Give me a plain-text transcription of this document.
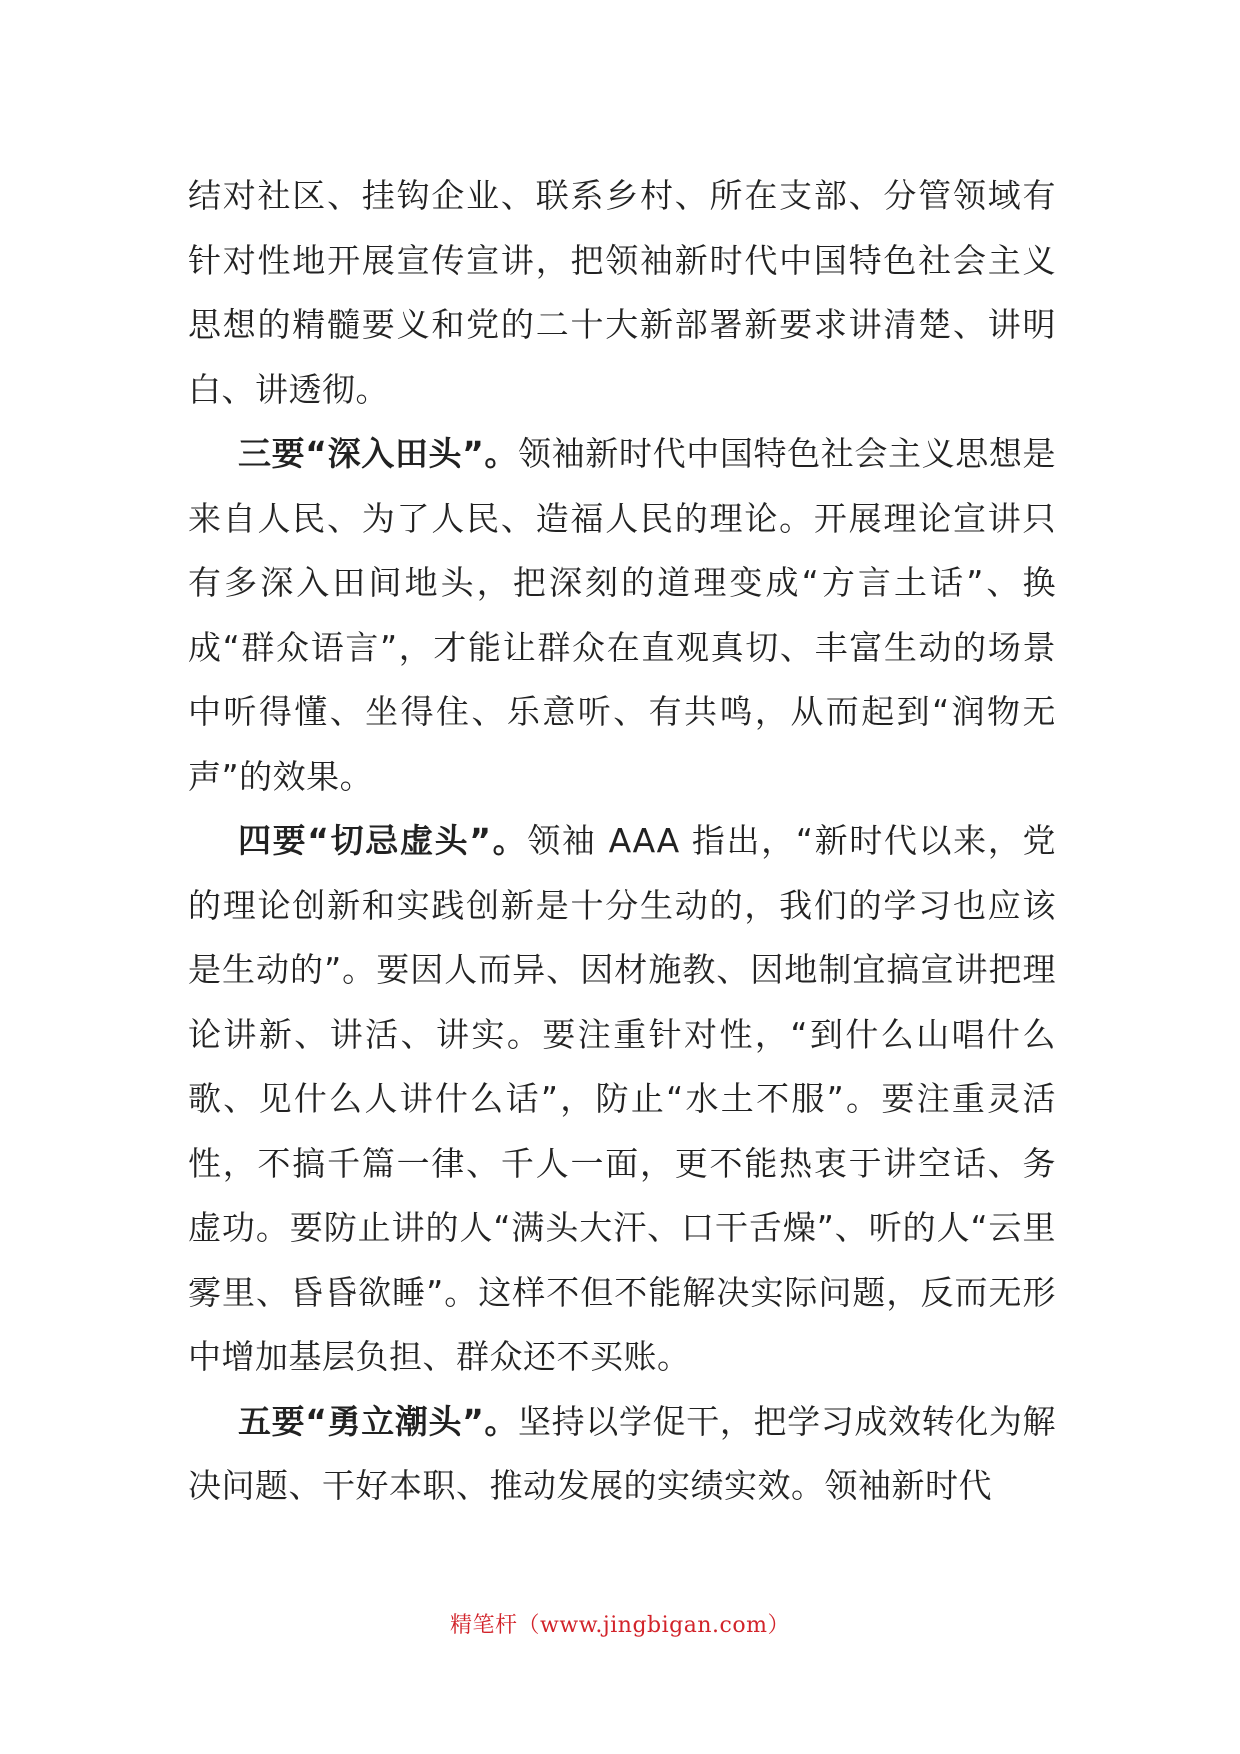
结对社区、挂钩企业、联系乡村、所在支部、分管领域有针对性地开展宣传宣讲，把领袖新时代中国特色社会主义思想的精髓要义和党的二十大新部署新要求讲清楚、讲明白、讲透彻。

三要“深入田头”。领袖新时代中国特色社会主义思想是来自人民、为了人民、造福人民的理论。开展理论宣讲只有多深入田间地头，把深刻的道理变成“方言土话”、换成“群众语言”，才能让群众在直观真切、丰富生动的场景中听得懂、坐得住、乐意听、有共鸣，从而起到“润物无声”的效果。

四要“切忌虚头”。领袖 AAA 指出，“新时代以来，党的理论创新和实践创新是十分生动的，我们的学习也应该是生动的”。要因人而异、因材施教、因地制宜搞宣讲把理论讲新、讲活、讲实。要注重针对性，“到什么山唱什么歌、见什么人讲什么话”，防止“水土不服”。要注重灵活性，不搞千篇一律、千人一面，更不能热衷于讲空话、务虚功。要防止讲的人“满头大汗、口干舌燥”、听的人“云里雾里、昏昏欲睡”。这样不但不能解决实际问题，反而无形中增加基层负担、群众还不买账。

五要“勇立潮头”。坚持以学促干，把学习成效转化为解决问题、干好本职、推动发展的实绩实效。领袖新时代

精笔杆（www.jingbigan.com）
